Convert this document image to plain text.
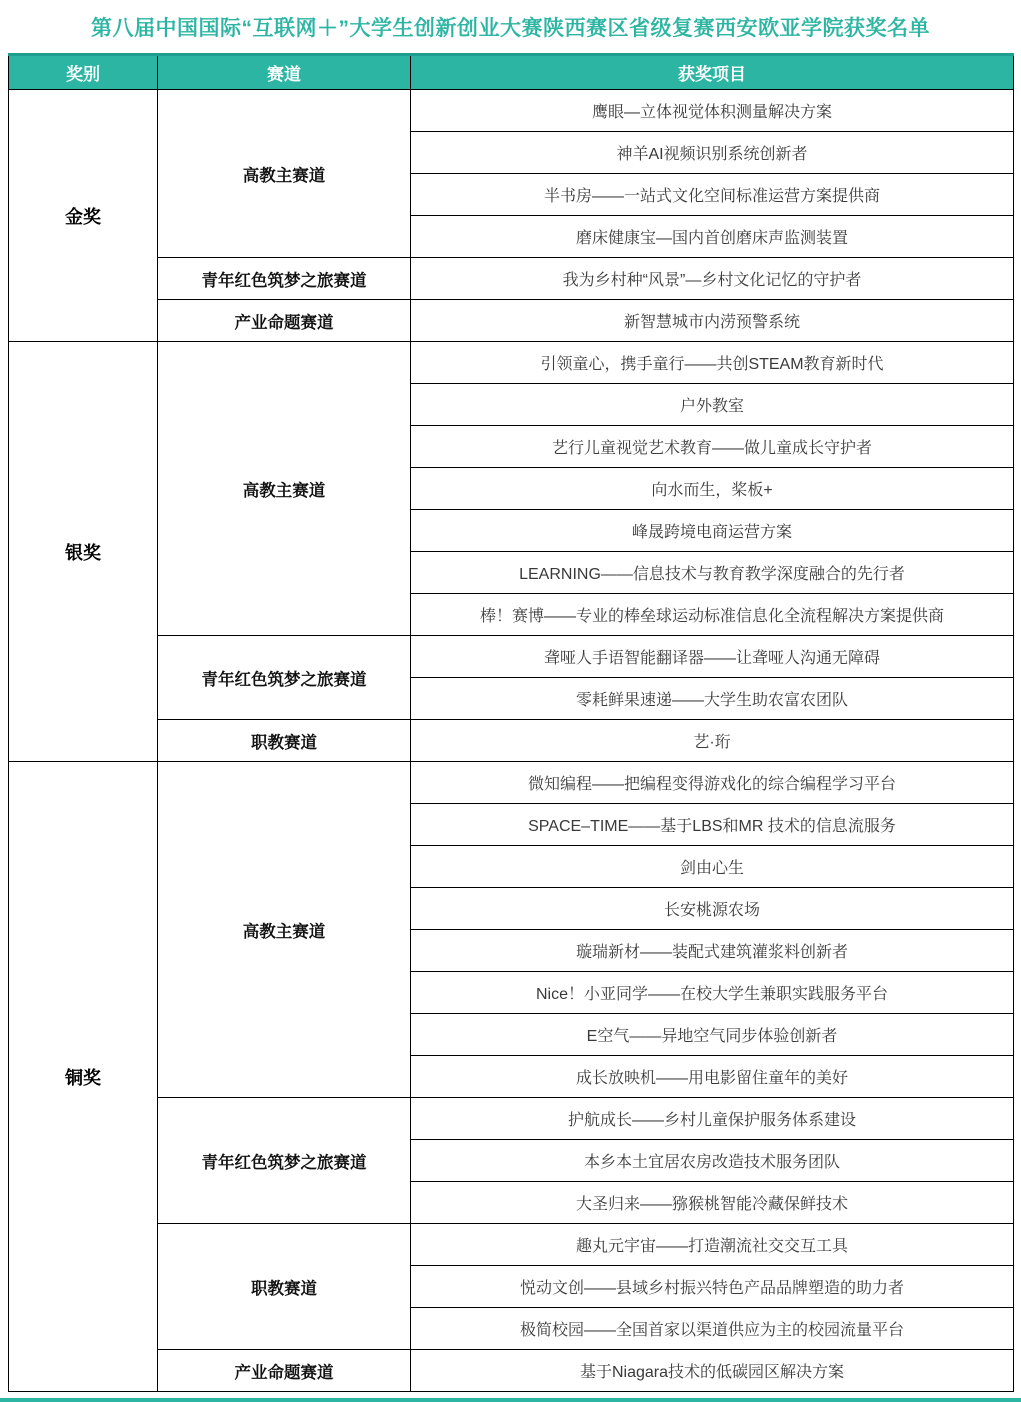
第八届中国国际“互联网＋”大学生创新创业大赛陕西赛区省级复赛西安欧亚学院获奖名单
奖别	赛道	获奖项目
金奖	高教主赛道	鹰眼—立体视觉体积测量解决方案
		神羊AI视频识别系统创新者
		半书房——一站式文化空间标准运营方案提供商
		磨床健康宝—国内首创磨床声监测装置
	青年红色筑梦之旅赛道	我为乡村种“风景”—乡村文化记忆的守护者
	产业命题赛道	新智慧城市内涝预警系统
银奖	高教主赛道	引领童心，携手童行——共创STEAM教育新时代
		户外教室
		艺行儿童视觉艺术教育——做儿童成长守护者
		向水而生，桨板+
		峰晟跨境电商运营方案
		LEARNING——信息技术与教育教学深度融合的先行者
		棒！赛博——专业的棒垒球运动标准信息化全流程解决方案提供商
	青年红色筑梦之旅赛道	聋哑人手语智能翻译器——让聋哑人沟通无障碍
		零耗鲜果速递——大学生助农富农团队
	职教赛道	艺·珩
铜奖	高教主赛道	微知编程——把编程变得游戏化的综合编程学习平台
		SPACE–TIME——基于LBS和MR 技术的信息流服务
		剑由心生
		长安桃源农场
		璇瑞新材——装配式建筑灌浆料创新者
		Nice！小亚同学——在校大学生兼职实践服务平台
		E空气——异地空气同步体验创新者
		成长放映机——用电影留住童年的美好
	青年红色筑梦之旅赛道	护航成长——乡村儿童保护服务体系建设
		本乡本土宜居农房改造技术服务团队
		大圣归来——猕猴桃智能冷藏保鲜技术
	职教赛道	趣丸元宇宙——打造潮流社交交互工具
		悦动文创——县域乡村振兴特色产品品牌塑造的助力者
		极简校园——全国首家以渠道供应为主的校园流量平台
	产业命题赛道	基于Niagara技术的低碳园区解决方案
